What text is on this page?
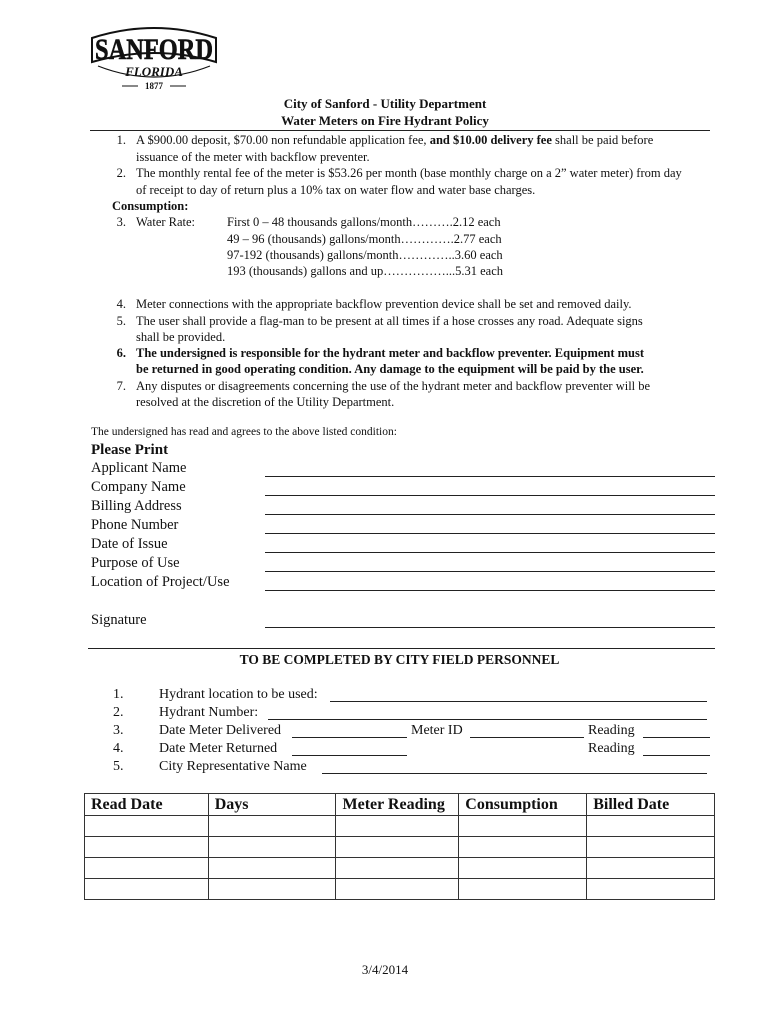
SANFORD
FLORIDA
1877
City of Sanford - Utility Department
Water Meters on Fire Hydrant Policy
1. A $900.00 deposit, $70.00 non refundable application fee, and $10.00 delivery fee shall be paid before
issuance of the meter with backflow preventer.
2. The monthly rental fee of the meter is $53.26 per month (base monthly charge on a 2” water meter) from day
of receipt to day of return plus a 10% tax on water flow and water base charges.
Consumption:
3. Water Rate:	First 0 – 48 thousands gallons/month……….2.12 each
49 – 96 (thousands) gallons/month………….2.77 each
97-192 (thousands) gallons/month…………..3.60 each
193 (thousands) gallons and up……………...5.31 each
4. Meter connections with the appropriate backflow prevention device shall be set and removed daily.
5. The user shall provide a flag-man to be present at all times if a hose crosses any road. Adequate signs
shall be provided.
6. The undersigned is responsible for the hydrant meter and backflow preventer. Equipment must
be returned in good operating condition. Any damage to the equipment will be paid by the user.
7. Any disputes or disagreements concerning the use of the hydrant meter and backflow preventer will be
resolved at the discretion of the Utility Department.
The undersigned has read and agrees to the above listed condition:
Please Print
Applicant Name
Company Name
Billing Address
Phone Number
Date of Issue
Purpose of Use
Location of Project/Use
Signature
TO BE COMPLETED BY CITY FIELD PERSONNEL
1.	Hydrant location to be used:
2.	Hydrant Number:
3.	Date Meter Delivered	Meter ID	Reading
4.	Date Meter Returned	Reading
5.	City Representative Name
Read Date	Days	Meter Reading	Consumption	Billed Date

3/4/2014
